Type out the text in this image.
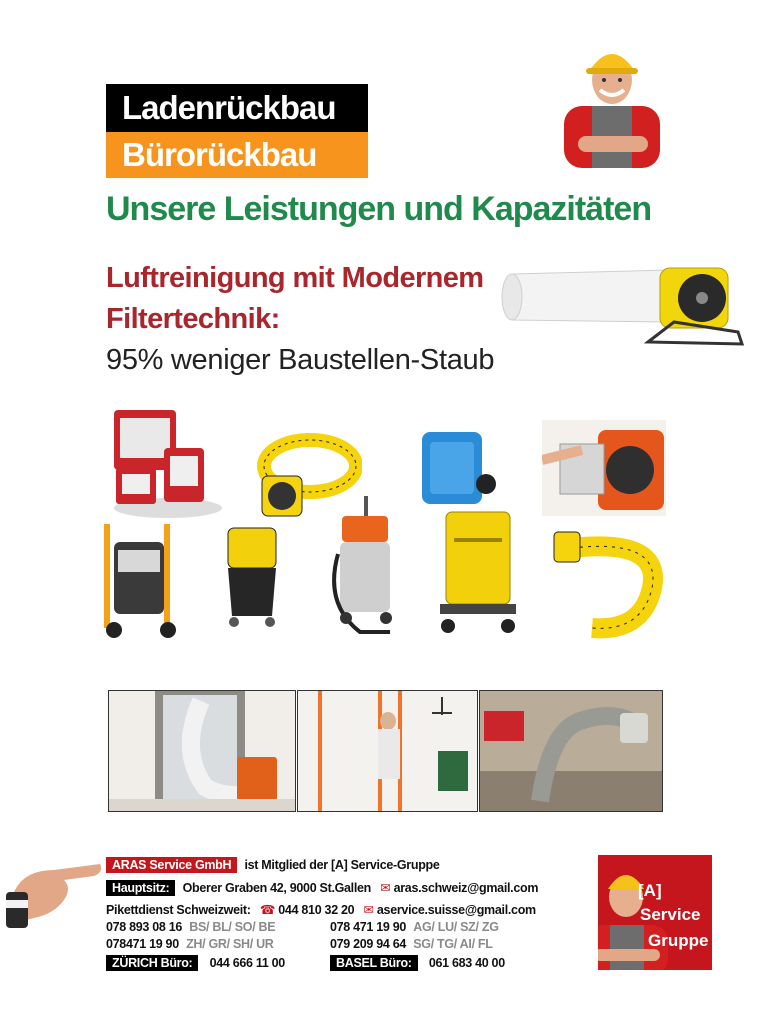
Ladenrückbau
Bürorückbau
Unsere Leistungen und Kapazitäten
Luftreinigung mit Modernem
Filtertechnik:
95% weniger Baustellen-Staub
ARAS Service GmbH ist Mitglied der [A] Service-Gruppe
Hauptsitz: Oberer Graben 42, 9000 St.Gallen ✉ aras.schweiz@gmail.com
Pikettdienst Schweizweit: ☎ 044 810 32 20 ✉ aservice.suisse@gmail.com
078 893 08 16 BS/ BL/ SO/ BE	078 471 19 90 AG/ LU/ SZ/ ZG
078471 19 90 ZH/ GR/ SH/ UR	079 209 94 64 SG/ TG/ AI/ FL
ZÜRICH Büro: 044 666 11 00	BASEL Büro: 061 683 40 00
[A]
Service
Gruppe
